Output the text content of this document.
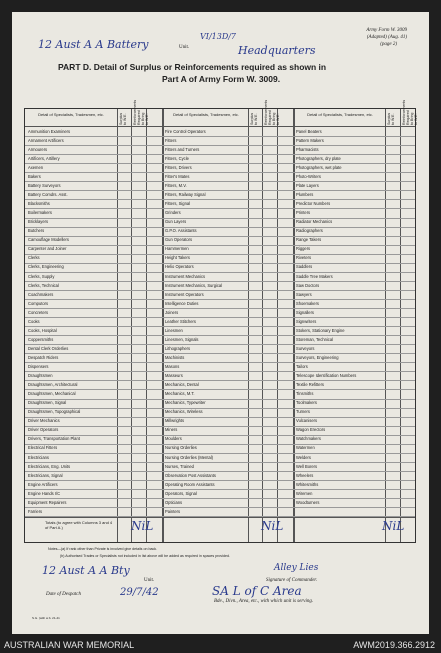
Army Form W. 3009
(Adapted) (Aug. 41)
(page 2)
12 Aust A A Battery	Unit.
VI/13D/7
Headquarters
PART D. Detail of Surplus or Reinforcements required as shown in
Part A of Army Form W. 3009.
Detail of Specialists, Tradesmen, etc.	Surplus to W.E. Reinforcements Required to Bring to W.E.	Detail of Specialists, Tradesmen, etc.	Surplus to W.E. Reinforcements Required to Bring to W.E.	Detail of Specialists, Tradesmen, etc.	Surplus to W.E. Reinforcements Required to Bring to W.E.
Ammunition Examiners
Armament Artificers
Armourers
Artificers, Artillery
Axemen
Bakers
Battery Surveyors
Battery Comdrs. Asst.
Blacksmiths
Boilermakers
Bricklayers
Butchers
Camouflage Modellers
Carpenter and Joiner
Clerks
Clerks, Engineering
Clerks, Supply
Clerks, Technical
Coachmakers
Computors
Concreters
Cooks
Cooks, Hospital
Coppersmiths
Dental Clerk Orderlies
Despatch Riders
Dispensers
Draughtsmen
Draughtsmen, Architectural
Draughtsmen, Mechanical
Draughtsmen, Signal
Draughtsmen, Topographical
Driver Mechanics
Driver Operators
Drivers, Transportation Plant
Electrical Fitters
Electricians
Electricians, Eng. Units
Electricians, Signal
Engine Artificers
Engine Hands I/C
Equipment Repairers
Farriers
Fire Control Operators
Fitters
Fitters and Turners
Fitters, Cycle
Fitters, Drivers
Fitter's Mates
Fitters, M.V.
Fitters, Railway Signal
Fitters, Signal
Grinders
Gun Layers
G.P.O. Assistants
Gun Operators
Hammermen
Height Takers
Helio Operators
Instrument Mechanics
Instrument Mechanics, Surgical
Instrument Operators
Intelligence Duties
Joiners
Leather Stitchers
Linesmen
Linesmen, Signals
Lithographers
Machinists
Masons
Masseurs
Mechanics, Dental
Mechanics, M.T.
Mechanics, Typewriter
Mechanics, Wireless
Millwrights
Miners
Moulders
Nursing Orderlies
Nursing Orderlies (Mental)
Nurses, Trained
Observation Post Assistants
Operating Room Assistants
Operators, Signal
Opticians
Painters
Panel Beaters
Pattern Makers
Pharmacists
Photographers, dry plate
Photographers, wet plate
Photo-Writers
Plate Layers
Plumbers
Predictor Numbers
Printers
Radiator Mechanics
Radiographers
Range Takers
Riggers
Riveters
Saddlers
Saddle Tree Makers
Saw Doctors
Sawyers
Shoemakers
Signallers
Signwriters
Stokers, Stationary Engine
Storeman, Technical
Surveyors
Surveyors, Engineering
Tailors
Telescope Identification Numbers
Textile Refitters
Tinsmiths
Toolmakers
Turners
Vulcanisers
Wagon Erectors
Watchmakers
Watermen
Welders
Well Borers
Wheelers
Whitesmiths
Wiremen
Woodturners
Totals (to agree with Columns 3 and 4 of Part A.)	NiL	NiL	NiL
Notes—(a) If rank other than Private is involved give details on back.
(b) Authorised Trades or Specialists not included in list above will be added as required in spaces provided.
12 Aust A A Bty
Unit.
Alley Lies
Signature of Commander.
Date of Despatch	29/7/42	SA L of C Area
Bde., Divn., Area, etc., with which unit is serving.
S.G. (with w.b. 21-41
AUSTRALIAN WAR MEMORIAL	AWM2019.366.2912
